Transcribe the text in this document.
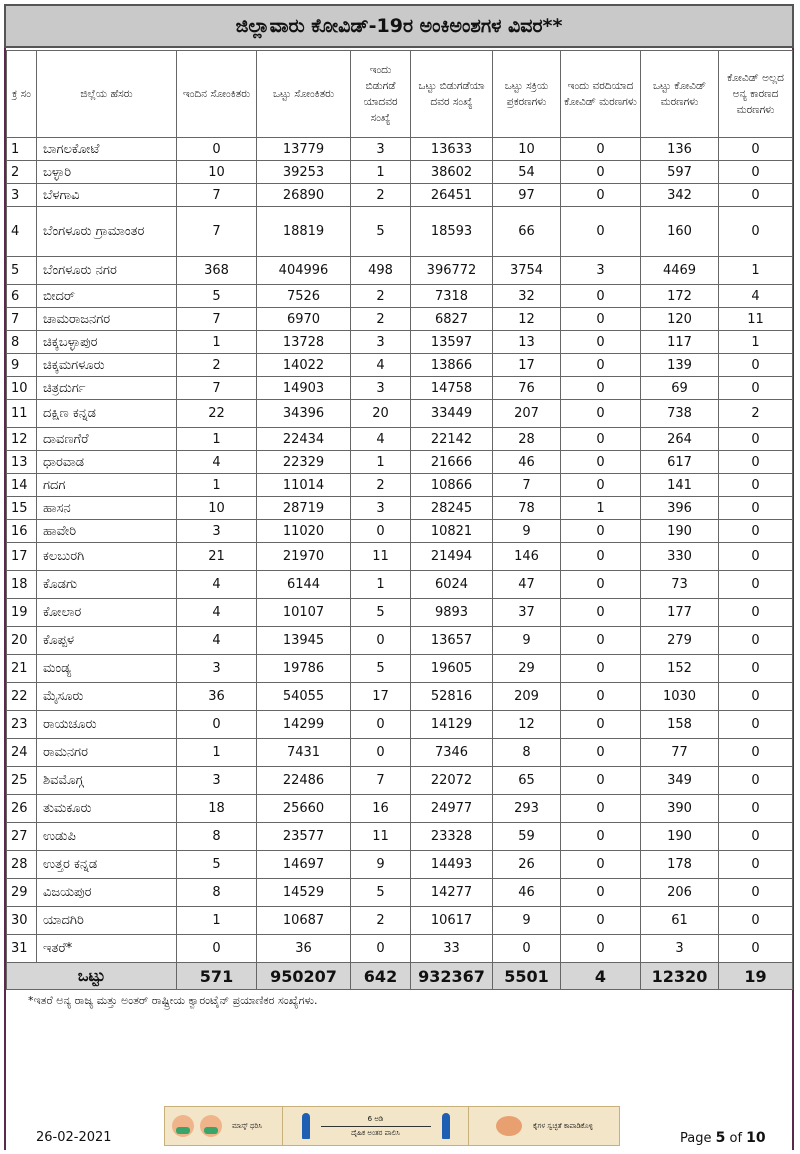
ಜಿಲ್ಲಾವಾರು ಕೋವಿಡ್-19ರ ಅಂಕಿಅಂಶಗಳ ವಿವರ**
ಕ್ರ ಸಂ	ಜಿಲ್ಲೆಯ ಹೆಸರು	ಇಂದಿನ ಸೋಂಕಿತರು	ಒಟ್ಟು ಸೋಂಕಿತರು	ಇಂದು ಬಿಡುಗಡೆ ಯಾದವರ ಸಂಖ್ಯೆ	ಒಟ್ಟು ಬಿಡುಗಡೆಯಾ ದವರ ಸಂಖ್ಯೆ	ಒಟ್ಟು ಸಕ್ರಿಯ ಪ್ರಕರಣಗಳು	ಇಂದು ವರದಿಯಾದ ಕೋವಿಡ್ ಮರಣಗಳು	ಒಟ್ಟು ಕೋವಿಡ್ ಮರಣಗಳು	ಕೋವಿಡ್ ಅಲ್ಲದ ಅನ್ಯ ಕಾರಣದ ಮರಣಗಳು
1	ಬಾಗಲಕೋಟೆ	0	13779	3	13633	10	0	136	0
2	ಬಳ್ಳಾರಿ	10	39253	1	38602	54	0	597	0
3	ಬೆಳಗಾವಿ	7	26890	2	26451	97	0	342	0
4	ಬೆಂಗಳೂರು ಗ್ರಾಮಾಂತರ	7	18819	5	18593	66	0	160	0
5	ಬೆಂಗಳೂರು ನಗರ	368	404996	498	396772	3754	3	4469	1
6	ಬೀದರ್	5	7526	2	7318	32	0	172	4
7	ಚಾಮರಾಜನಗರ	7	6970	2	6827	12	0	120	11
8	ಚಿಕ್ಕಬಳ್ಳಾಪುರ	1	13728	3	13597	13	0	117	1
9	ಚಿಕ್ಕಮಗಳೂರು	2	14022	4	13866	17	0	139	0
10	ಚಿತ್ರದುರ್ಗ	7	14903	3	14758	76	0	69	0
11	ದಕ್ಷಿಣ ಕನ್ನಡ	22	34396	20	33449	207	0	738	2
12	ದಾವಣಗೆರೆ	1	22434	4	22142	28	0	264	0
13	ಧಾರವಾಡ	4	22329	1	21666	46	0	617	0
14	ಗದಗ	1	11014	2	10866	7	0	141	0
15	ಹಾಸನ	10	28719	3	28245	78	1	396	0
16	ಹಾವೇರಿ	3	11020	0	10821	9	0	190	0
17	ಕಲಬುರಗಿ	21	21970	11	21494	146	0	330	0
18	ಕೊಡಗು	4	6144	1	6024	47	0	73	0
19	ಕೋಲಾರ	4	10107	5	9893	37	0	177	0
20	ಕೊಪ್ಪಳ	4	13945	0	13657	9	0	279	0
21	ಮಂಡ್ಯ	3	19786	5	19605	29	0	152	0
22	ಮೈಸೂರು	36	54055	17	52816	209	0	1030	0
23	ರಾಯಚೂರು	0	14299	0	14129	12	0	158	0
24	ರಾಮನಗರ	1	7431	0	7346	8	0	77	0
25	ಶಿವಮೊಗ್ಗ	3	22486	7	22072	65	0	349	0
26	ತುಮಕೂರು	18	25660	16	24977	293	0	390	0
27	ಉಡುಪಿ	8	23577	11	23328	59	0	190	0
28	ಉತ್ತರ ಕನ್ನಡ	5	14697	9	14493	26	0	178	0
29	ವಿಜಯಪುರ	8	14529	5	14277	46	0	206	0
30	ಯಾದಗಿರಿ	1	10687	2	10617	9	0	61	0
31	ಇತರೆ*	0	36	0	33	0	0	3	0
ಒಟ್ಟು		571	950207	642	932367	5501	4	12320	19
*ಇತರೆ ಅನ್ಯ ರಾಜ್ಯ ಮತ್ತು ಅಂತರ್ ರಾಷ್ಟ್ರೀಯ ಕ್ವಾರಂಟೈನ್ ಪ್ರಯಾಣಿಕರ ಸಂಖ್ಯೆಗಳು.
26-02-2021
ಮಾಸ್ಕ್ ಧರಿಸಿ
6 ಅಡಿ
ದೈಹಿಕ ಅಂತರ ಪಾಲಿಸಿ
ಕೈಗಳ ಸ್ವಚ್ಛತೆ ಕಾಪಾಡಿಕೊಳ್ಳಿ
Page 5 of 10
